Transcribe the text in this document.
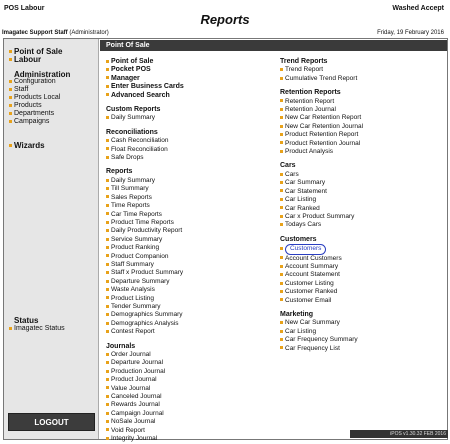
POS Labour	Washed Accept
Reports
Imagatec Support Staff (Administrator)	Friday, 19 February 2016
Point of Sale
Labour
Administration
Configuration
Staff
Products Local
Products
Departments
Campaigns
Wizards
Status
Imagatec Status
LOGOUT
Point Of Sale
Point of Sale
Pocket POS
Manager
Enter Business Cards
Advanced Search
Custom Reports
Daily Summary
Reconciliations
Cash Reconciliation
Float Reconciliation
Safe Drops
Reports
Daily Summary
Till Summary
Sales Reports
Time Reports
Car Time Reports
Product Time Reports
Daily Productivity Report
Service Summary
Product Ranking
Product Companion
Staff Summary
Staff x Product Summary
Departure Summary
Waste Analysis
Product Listing
Tender Summary
Demographics Summary
Demographics Analysis
Contest Report
Journals
Order Journal
Departure Journal
Production Journal
Product Journal
Value Journal
Canceled Journal
Rewards Journal
Campaign Journal
NoSale Journal
Void Report
Integrity Journal
Trend Reports
Trend Report
Cumulative Trend Report
Retention Reports
Retention Report
Retention Journal
New Car Retention Report
New Car Retention Journal
Product Retention Report
Product Retention Journal
Product Analysis
Cars
Cars
Car Summary
Car Statement
Car Listing
Car Ranked
Car x Product Summary
Todays Cars
Customers
Customers
Account Customers
Account Summary
Account Statement
Customer Listing
Customer Ranked
Customer Email
Marketing
New Car Summary
Car Listing
Car Frequency Summary
Car Frequency List
iPOS v1.30.32 FEB 2016
